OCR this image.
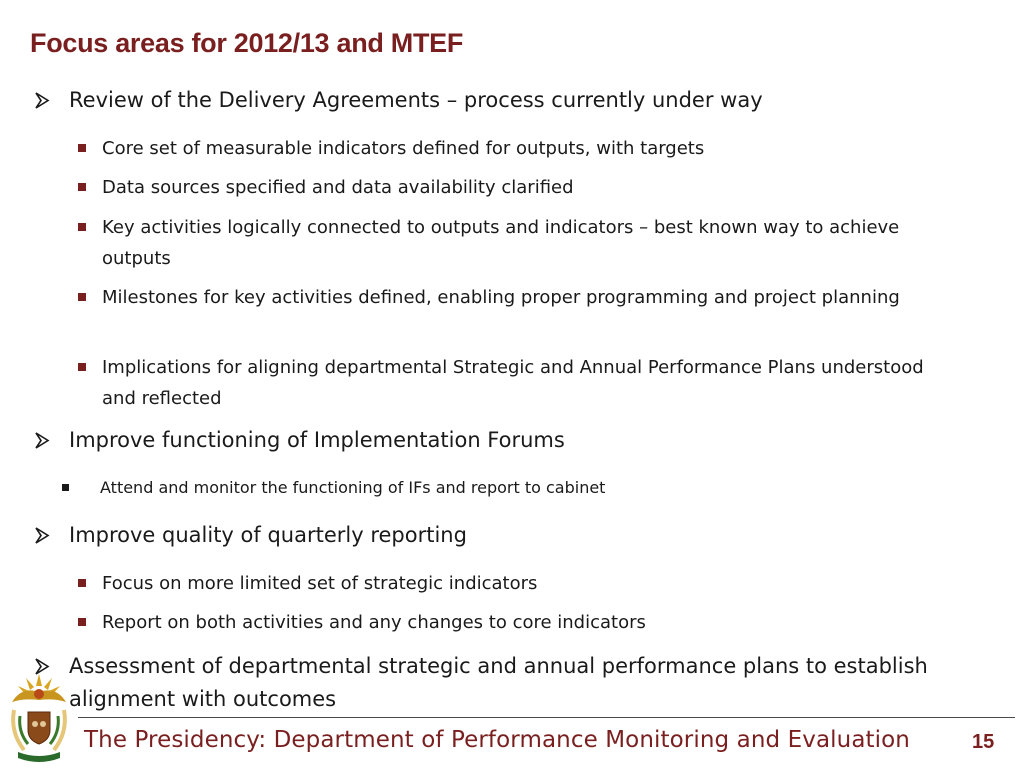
Focus areas for 2012/13 and MTEF
Review of the Delivery Agreements – process currently under way
Core set of measurable indicators defined for outputs, with targets
Data sources specified and data availability clarified
Key activities logically connected to outputs and indicators – best known way to achieve outputs
Milestones for key activities defined, enabling proper programming and project planning
Implications for aligning departmental Strategic and Annual Performance Plans understood and reflected
Improve functioning of Implementation Forums
Attend and monitor the functioning of IFs and report to cabinet
Improve quality of quarterly reporting
Focus on more limited set of strategic indicators
Report on both activities and any changes to core indicators
Assessment of departmental strategic and annual performance plans to establish alignment with outcomes
The Presidency: Department of Performance Monitoring and Evaluation	15
